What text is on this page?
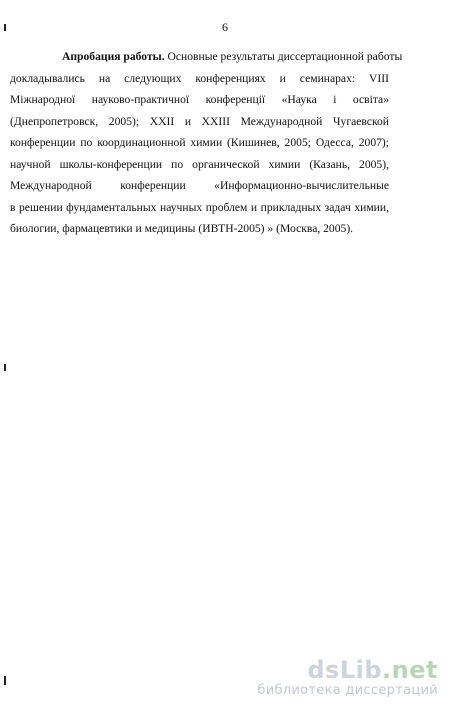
6
Апробация работы. Основные результаты диссертационной работы
докладывались на следующих конференциях и семинарах: VIII
Міжнародної науково-практичної конференції «Наука і освіта»
(Днепропетровск, 2005); XXII и XXIII Международной Чугаевской
конференции по координационной химии (Кишинев, 2005; Одесса, 2007);
научной школы-конференции по органической химии (Казань, 2005),
Международной конференции «Информационно-вычислительные
в решении фундаментальных научных проблем и прикладных задач химии,
биологии, фармацевтики и медицины (ИВТН-2005) » (Москва, 2005).
dsLib.net
библиотека диссертаций
